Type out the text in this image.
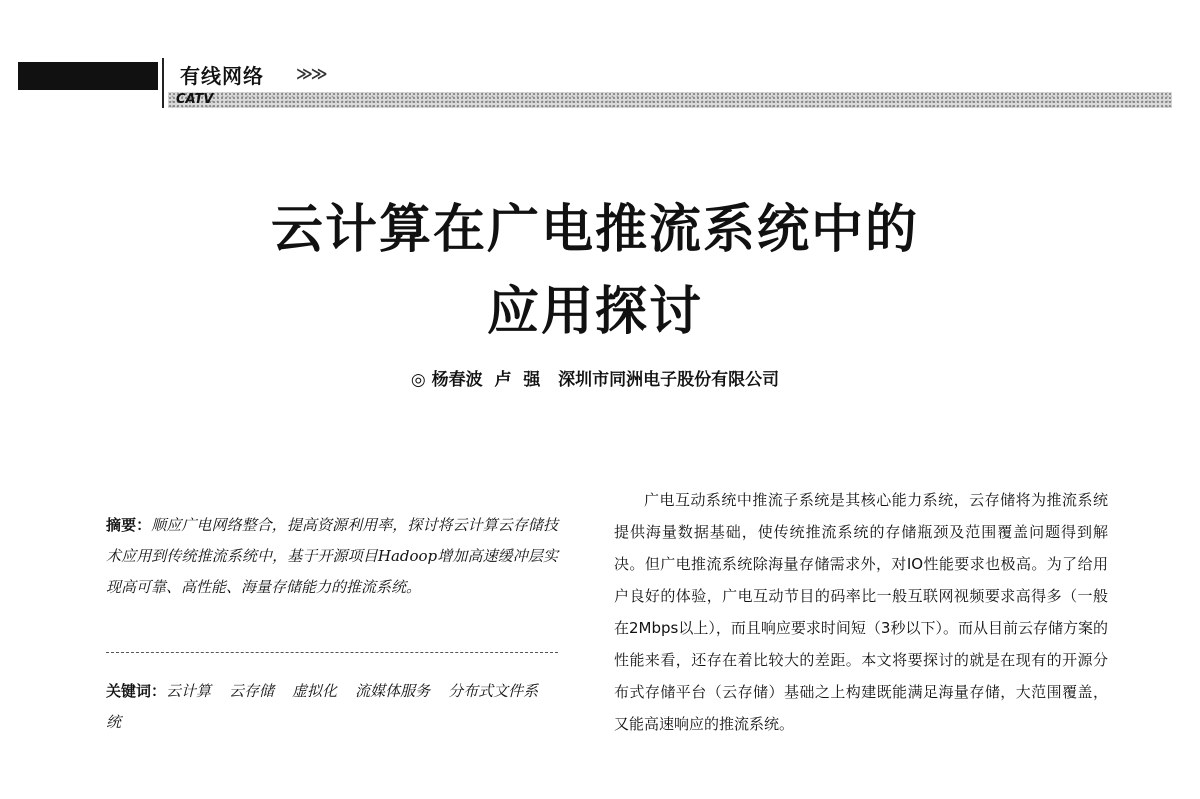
有线网络 ≫≫
CATV
云计算在广电推流系统中的
应用探讨
◎ 杨春波  卢  强   深圳市同洲电子股份有限公司
摘要：顺应广电网络整合，提高资源利用率，探讨将云计算云存储技术应用到传统推流系统中，基于开源项目Hadoop增加高速缓冲层实现高可靠、高性能、海量存储能力的推流系统。
关键词：云计算 云存储 虚拟化 流媒体服务 分布式文件系统
广电互动系统中推流子系统是其核心能力系统，云存储将为推流系统提供海量数据基础，使传统推流系统的存储瓶颈及范围覆盖问题得到解决。但广电推流系统除海量存储需求外，对IO性能要求也极高。为了给用户良好的体验，广电互动节目的码率比一般互联网视频要求高得多（一般在2Mbps以上），而且响应要求时间短（3秒以下）。而从目前云存储方案的性能来看，还存在着比较大的差距。本文将要探讨的就是在现有的开源分布式存储平台（云存储）基础之上构建既能满足海量存储，大范围覆盖，又能高速响应的推流系统。
